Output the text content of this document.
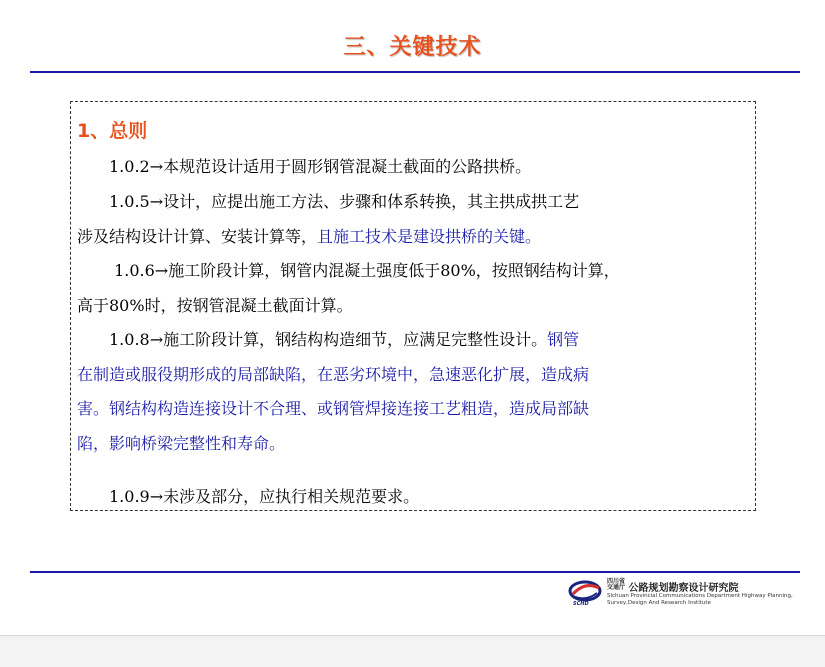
三、关键技术
1、总则
　　1.0.2→本规范设计适用于圆形钢管混凝土截面的公路拱桥。
　　1.0.5→设计，应提出施工方法、步骤和体系转换，其主拱成拱工艺
涉及结构设计计算、安装计算等，且施工技术是建设拱桥的关键。
　　 1.0.6→施工阶段计算，钢管内混凝土强度低于80%，按照钢结构计算，
高于80%时，按钢管混凝土截面计算。
　　1.0.8→施工阶段计算，钢结构构造细节，应满足完整性设计。钢管
在制造或服役期形成的局部缺陷，在恶劣环境中，急速恶化扩展，造成病
害。钢结构构造连接设计不合理、或钢管焊接连接工艺粗造，造成局部缺
陷，影响桥梁完整性和寿命。
　　1.0.9→未涉及部分，应执行相关规范要求。
SCHD
四川省
交通厅 公路规划勘察设计研究院
Sichuan Provincial Communications Department Highway Planning,
Survey,Design And Research Institute
